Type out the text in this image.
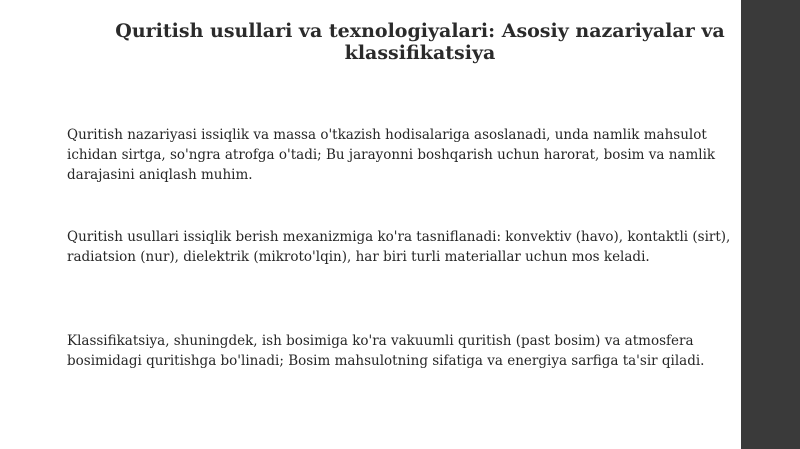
Quritish usullari va texnologiyalari: Asosiy nazariyalar va klassifikatsiya

Quritish nazariyasi issiqlik va massa o'tkazish hodisalariga asoslanadi, unda namlik mahsulot ichidan sirtga, so'ngra atrofga o'tadi; Bu jarayonni boshqarish uchun harorat, bosim va namlik darajasini aniqlash muhim.

Quritish usullari issiqlik berish mexanizmiga ko'ra tasniflanadi: konvektiv (havo), kontaktli (sirt), radiatsion (nur), dielektrik (mikroto'lqin), har biri turli materiallar uchun mos keladi.

Klassifikatsiya, shuningdek, ish bosimiga ko'ra vakuumli quritish (past bosim) va atmosfera bosimidagi quritishga bo'linadi; Bosim mahsulotning sifatiga va energiya sarfiga ta'sir qiladi.
